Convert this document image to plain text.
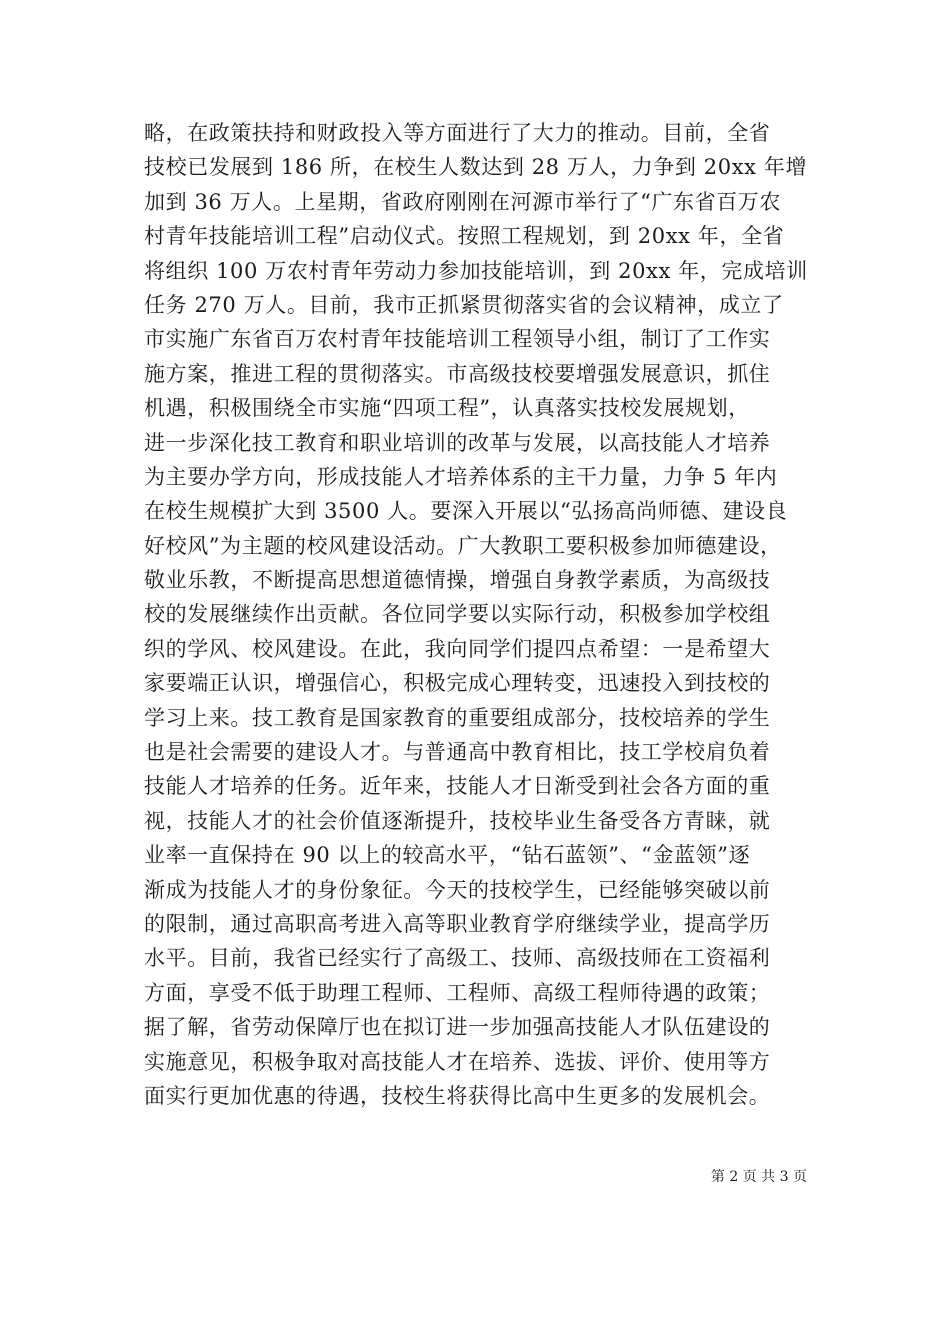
略，在政策扶持和财政投入等方面进行了大力的推动。目前，全省
技校已发展到 186 所，在校生人数达到 28 万人，力争到 20xx 年增
加到 36 万人。上星期，省政府刚刚在河源市举行了“广东省百万农
村青年技能培训工程”启动仪式。按照工程规划，到 20xx 年，全省
将组织 100 万农村青年劳动力参加技能培训，到 20xx 年，完成培训
任务 270 万人。目前，我市正抓紧贯彻落实省的会议精神，成立了
市实施广东省百万农村青年技能培训工程领导小组，制订了工作实
施方案，推进工程的贯彻落实。市高级技校要增强发展意识，抓住
机遇，积极围绕全市实施“四项工程”，认真落实技校发展规划，
进一步深化技工教育和职业培训的改革与发展，以高技能人才培养
为主要办学方向，形成技能人才培养体系的主干力量，力争 5 年内
在校生规模扩大到 3500 人。要深入开展以“弘扬高尚师德、建设良
好校风”为主题的校风建设活动。广大教职工要积极参加师德建设，
敬业乐教，不断提高思想道德情操，增强自身教学素质，为高级技
校的发展继续作出贡献。各位同学要以实际行动，积极参加学校组
织的学风、校风建设。在此，我向同学们提四点希望：一是希望大
家要端正认识，增强信心，积极完成心理转变，迅速投入到技校的
学习上来。技工教育是国家教育的重要组成部分，技校培养的学生
也是社会需要的建设人才。与普通高中教育相比，技工学校肩负着
技能人才培养的任务。近年来，技能人才日渐受到社会各方面的重
视，技能人才的社会价值逐渐提升，技校毕业生备受各方青睐，就
业率一直保持在 90 以上的较高水平，“钻石蓝领”、“金蓝领”逐
渐成为技能人才的身份象征。今天的技校学生，已经能够突破以前
的限制，通过高职高考进入高等职业教育学府继续学业，提高学历
水平。目前，我省已经实行了高级工、技师、高级技师在工资福利
方面，享受不低于助理工程师、工程师、高级工程师待遇的政策；
据了解，省劳动保障厅也在拟订进一步加强高技能人才队伍建设的
实施意见，积极争取对高技能人才在培养、选拔、评价、使用等方
面实行更加优惠的待遇，技校生将获得比高中生更多的发展机会。
第 2 页 共 3 页
